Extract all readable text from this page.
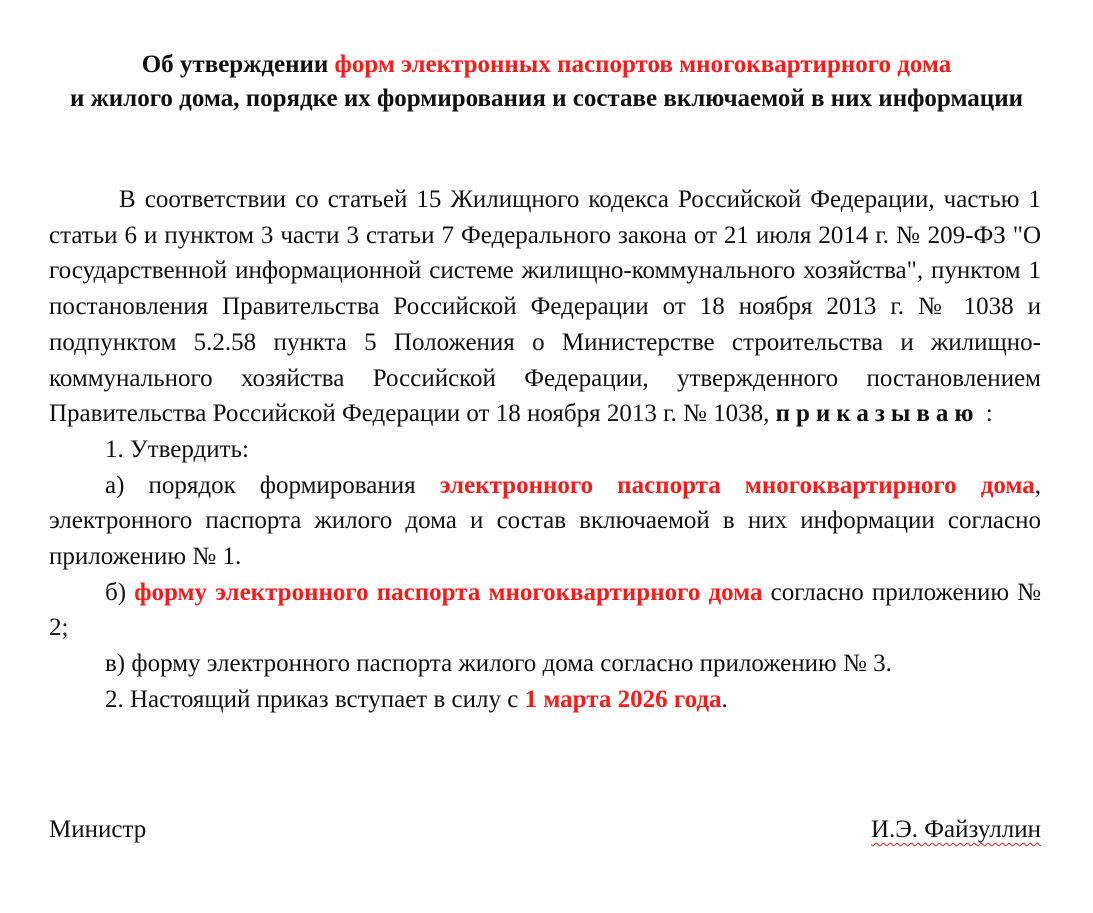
Об утверждении форм электронных паспортов многоквартирного дома
и жилого дома, порядке их формирования и составе включаемой в них информации

В соответствии со статьей 15 Жилищного кодекса Российской Федерации, частью 1 статьи 6 и пунктом 3 части 3 статьи 7 Федерального закона от 21 июля 2014 г. № 209-ФЗ "О государственной информационной системе жилищно-коммунального хозяйства", пунктом 1 постановления Правительства Российской Федерации от 18 ноября 2013 г. № 1038 и подпунктом 5.2.58 пункта 5 Положения о Министерстве строительства и жилищно-коммунального хозяйства Российской Федерации, утвержденного постановлением Правительства Российской Федерации от 18 ноября 2013 г. № 1038, приказываю :

1. Утвердить:

а) порядок формирования электронного паспорта многоквартирного дома, электронного паспорта жилого дома и состав включаемой в них информации согласно приложению № 1.

б) форму электронного паспорта многоквартирного дома согласно приложению № 2;

в) форму электронного паспорта жилого дома согласно приложению № 3.

2. Настоящий приказ вступает в силу с 1 марта 2026 года.

Министр	И.Э. Файзуллин
